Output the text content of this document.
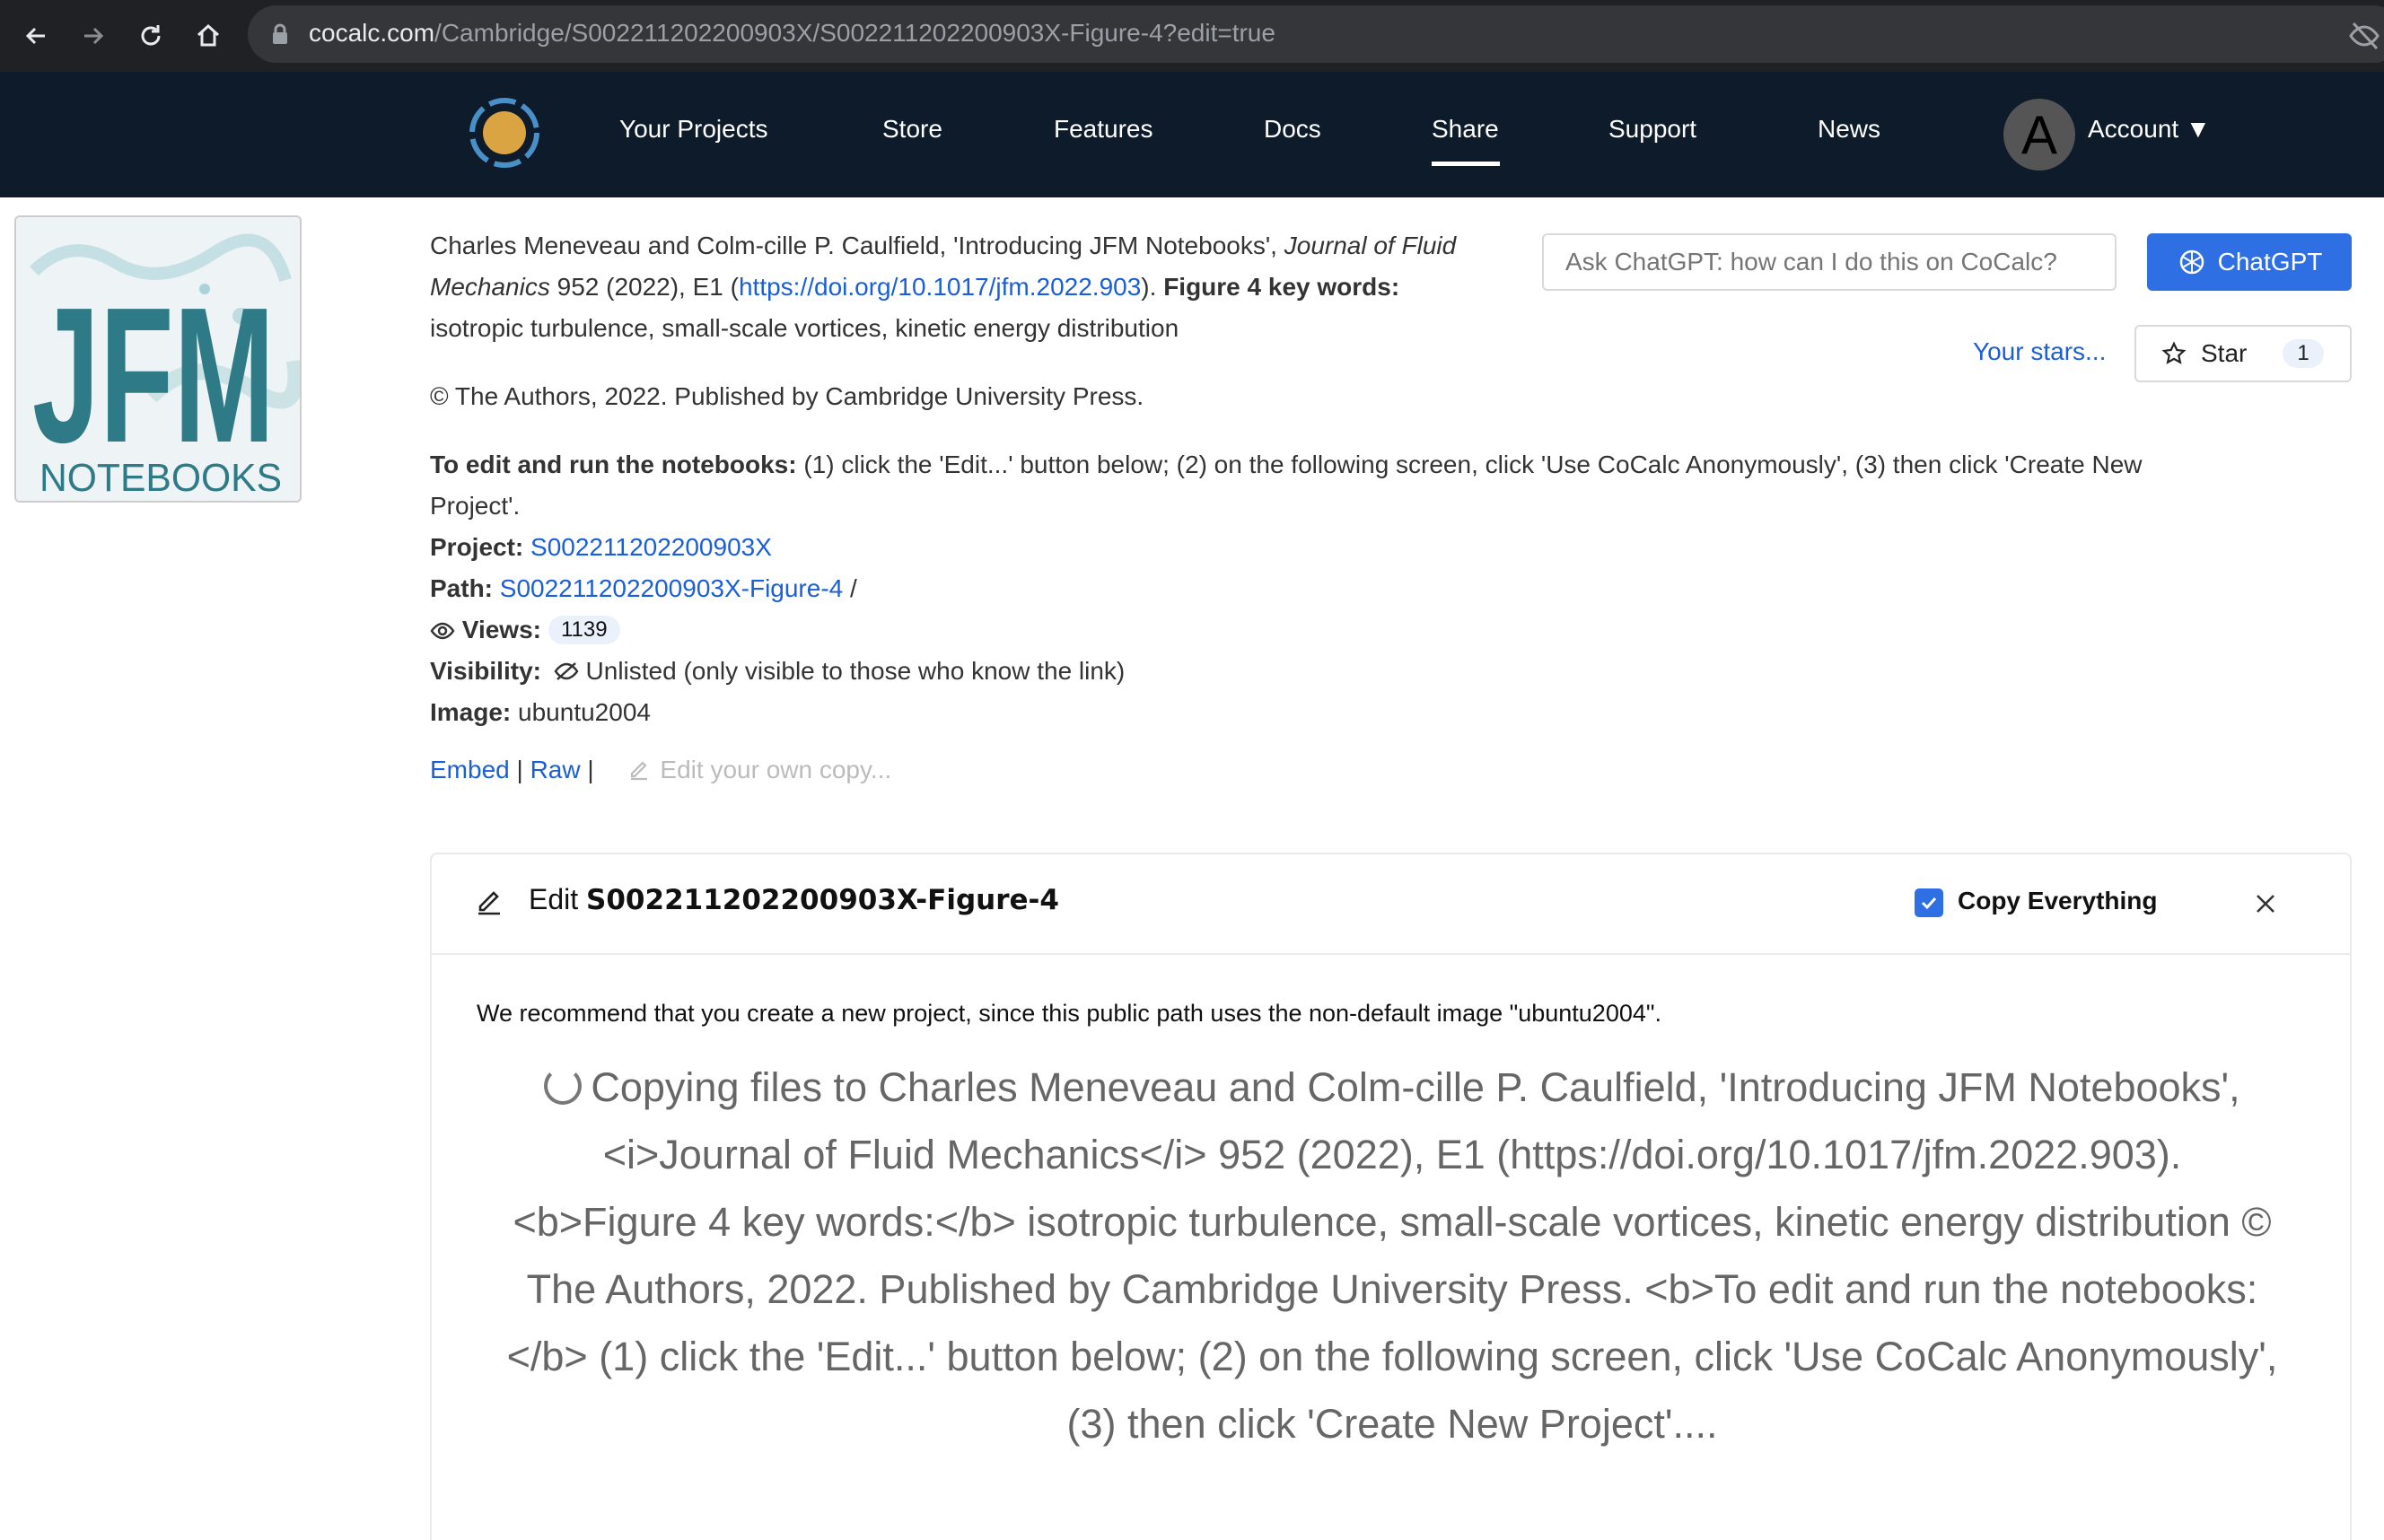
cocalc.com/Cambridge/S002211202200903X/S002211202200903X-Figure-4?edit=true
Your Projects	Store	Features	Docs	Share	Support	News	A Account ▼
JFM
NOTEBOOKS
Charles Meneveau and Colm-cille P. Caulfield, 'Introducing JFM Notebooks', Journal of Fluid
Mechanics 952 (2022), E1 (https://doi.org/10.1017/jfm.2022.903). Figure 4 key words:
isotropic turbulence, small-scale vortices, kinetic energy distribution
© The Authors, 2022. Published by Cambridge University Press.
To edit and run the notebooks: (1) click the 'Edit...' button below; (2) on the following screen, click 'Use CoCalc Anonymously', (3) then click 'Create New
Project'.
Project: S002211202200903X
Path: S002211202200903X-Figure-4 /
Views: 1139
Visibility:  Unlisted (only visible to those who know the link)
Image: ubuntu2004
Embed | Raw | Edit your own copy...
Ask ChatGPT: how can I do this on CoCalc?
ChatGPT
Your stars...	Star	1
Edit S002211202200903X-Figure-4	Copy Everything
We recommend that you create a new project, since this public path uses the non-default image "ubuntu2004".
Copying files to Charles Meneveau and Colm-cille P. Caulfield, 'Introducing JFM Notebooks',
<i>Journal of Fluid Mechanics</i> 952 (2022), E1 (https://doi.org/10.1017/jfm.2022.903).
<b>Figure 4 key words:</b> isotropic turbulence, small-scale vortices, kinetic energy distribution ©
The Authors, 2022. Published by Cambridge University Press. <b>To edit and run the notebooks:
</b> (1) click the 'Edit...' button below; (2) on the following screen, click 'Use CoCalc Anonymously',
(3) then click 'Create New Project'....
